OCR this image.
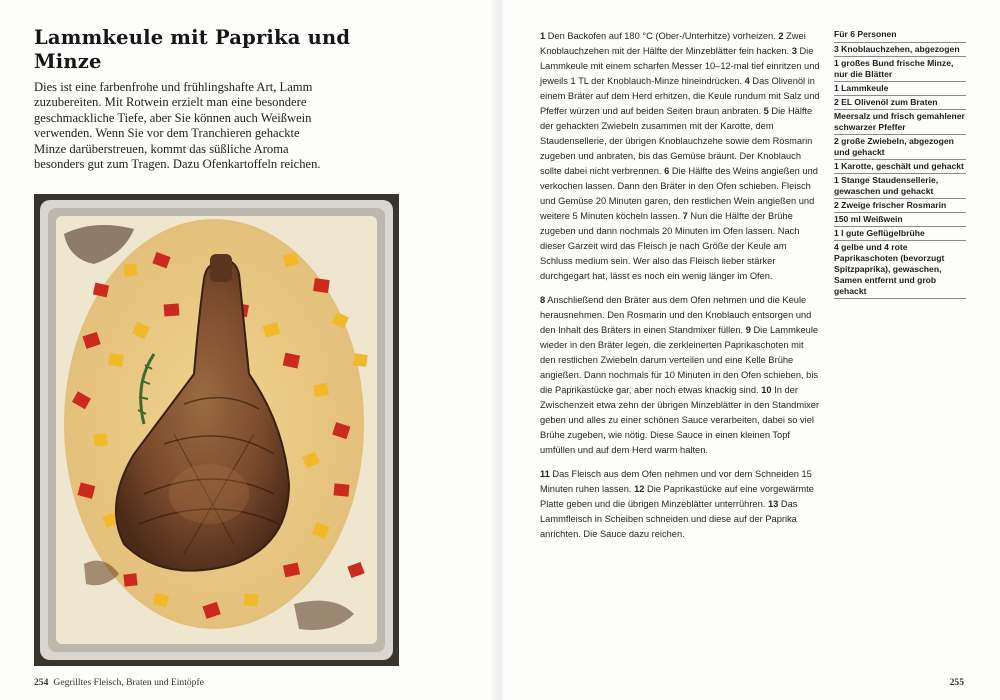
Lammkeule mit Paprika und Minze

Dies ist eine farbenfrohe und frühlingshafte Art, Lamm zuzubereiten. Mit Rotwein erzielt man eine besondere geschmackliche Tiefe, aber Sie können auch Weißwein verwenden. Wenn Sie vor dem Tranchieren gehackte Minze darüberstreuen, kommt das süßliche Aroma besonders gut zum Tragen. Dazu Ofenkartoffeln reichen.

254 Gegrilltes Fleisch, Braten und Eintöpfe

1 Den Backofen auf 180 °C (Ober-/Unterhitze) vorheizen. 2 Zwei Knoblauchzehen mit der Hälfte der Minzeblätter fein hacken. 3 Die Lammkeule mit einem scharfen Messer 10–12-mal tief einritzen und jeweils 1 TL der Knoblauch-Minze hineindrücken. 4 Das Olivenöl in einem Bräter auf dem Herd erhitzen, die Keule rundum mit Salz und Pfeffer würzen und auf beiden Seiten braun anbraten. 5 Die Hälfte der gehackten Zwiebeln zusammen mit der Karotte, dem Staudensellerie, der übrigen Knoblauchzehe sowie dem Rosmarin zugeben und anbraten, bis das Gemüse bräunt. Der Knoblauch sollte dabei nicht verbrennen. 6 Die Hälfte des Weins angießen und verkochen lassen. Dann den Bräter in den Ofen schieben. Fleisch und Gemüse 20 Minuten garen, den restlichen Wein angießen und weitere 5 Minuten köcheln lassen. 7 Nun die Hälfte der Brühe zugeben und dann nochmals 20 Minuten im Ofen lassen. Nach dieser Garzeit wird das Fleisch je nach Größe der Keule am Schluss medium sein. Wer also das Fleisch lieber stärker durchgegart hat, lässt es noch ein wenig länger im Ofen.

8 Anschließend den Bräter aus dem Ofen nehmen und die Keule herausnehmen. Den Rosmarin und den Knoblauch entsorgen und den Inhalt des Bräters in einen Standmixer füllen. 9 Die Lammkeule wieder in den Bräter legen, die zerkleinerten Paprikaschoten mit den restlichen Zwiebeln darum verteilen und eine Kelle Brühe angießen. Dann nochmals für 10 Minuten in den Ofen schieben, bis die Paprikastücke gar, aber noch etwas knackig sind. 10 In der Zwischenzeit etwa zehn der übrigen Minzeblätter in den Standmixer geben und alles zu einer schönen Sauce verarbeiten, dabei so viel Brühe zugeben, wie nötig. Diese Sauce in einen kleinen Topf umfüllen und auf dem Herd warm halten.

11 Das Fleisch aus dem Ofen nehmen und vor dem Schneiden 15 Minuten ruhen lassen. 12 Die Paprikastücke auf eine vorgewärmte Platte geben und die übrigen Minzeblätter unterrühren. 13 Das Lammfleisch in Scheiben schneiden und diese auf der Paprika anrichten. Die Sauce dazu reichen.

Für 6 Personen
3 Knoblauchzehen, abgezogen
1 großes Bund frische Minze, nur die Blätter
1 Lammkeule
2 EL Olivenöl zum Braten
Meersalz und frisch gemahlener schwarzer Pfeffer
2 große Zwiebeln, abgezogen und gehackt
1 Karotte, geschält und gehackt
1 Stange Staudensellerie, gewaschen und gehackt
2 Zweige frischer Rosmarin
150 ml Weißwein
1 l gute Geflügelbrühe
4 gelbe und 4 rote Paprikaschoten (bevorzugt Spitzpaprika), gewaschen, Samen entfernt und grob gehackt
255
